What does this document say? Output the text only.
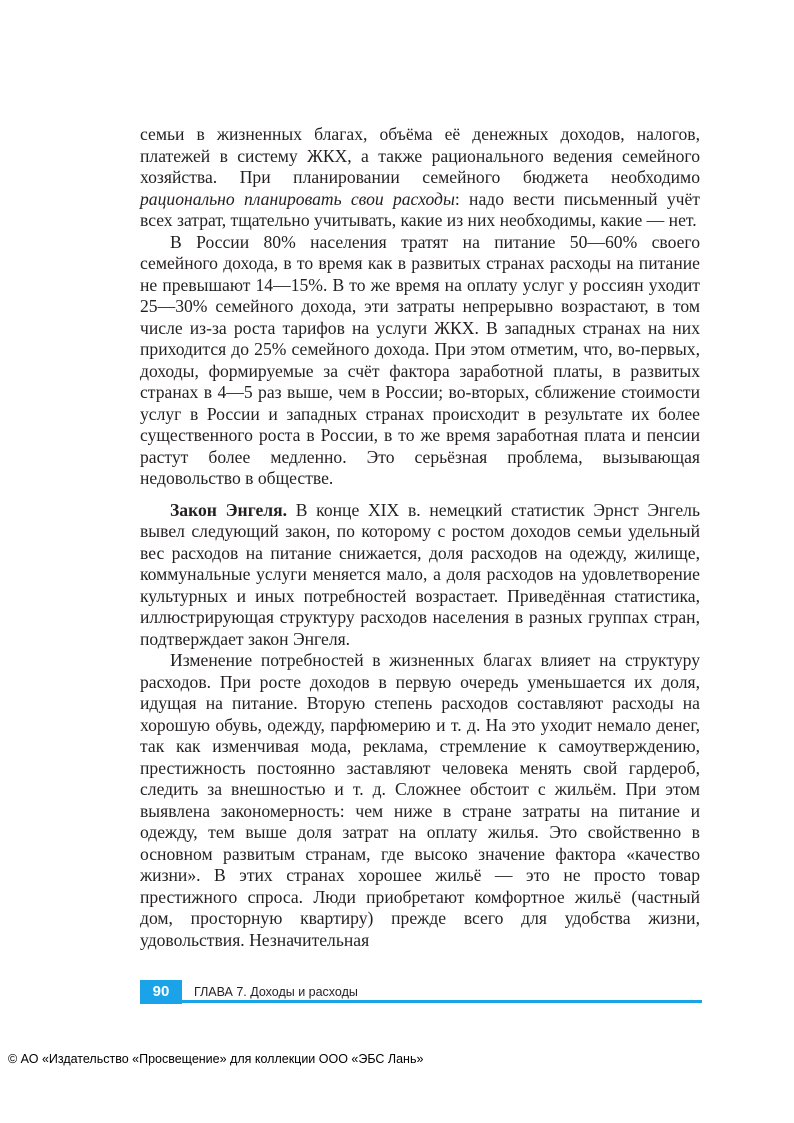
семьи в жизненных благах, объёма её денежных доходов, налогов, платежей в систему ЖКХ, а также рационального ведения семейного хозяйства. При планировании семейного бюджета необходимо рационально планировать свои расходы: надо вести письменный учёт всех затрат, тщательно учитывать, какие из них необходимы, какие — нет.

В России 80% населения тратят на питание 50—60% своего семейного дохода, в то время как в развитых странах расходы на питание не превышают 14—15%. В то же время на оплату услуг у россиян уходит 25—30% семейного дохода, эти затраты непрерывно возрастают, в том числе из-за роста тарифов на услуги ЖКХ. В западных странах на них приходится до 25% семейного дохода. При этом отметим, что, во-первых, доходы, формируемые за счёт фактора заработной платы, в развитых странах в 4—5 раз выше, чем в России; во-вторых, сближение стоимости услуг в России и западных странах происходит в результате их более существенного роста в России, в то же время заработная плата и пенсии растут более медленно. Это серьёзная проблема, вызывающая недовольство в обществе.

Закон Энгеля. В конце XIX в. немецкий статистик Эрнст Энгель вывел следующий закон, по которому с ростом доходов семьи удельный вес расходов на питание снижается, доля расходов на одежду, жилище, коммунальные услуги меняется мало, а доля расходов на удовлетворение культурных и иных потребностей возрастает. Приведённая статистика, иллюстрирующая структуру расходов населения в разных группах стран, подтверждает закон Энгеля.

Изменение потребностей в жизненных благах влияет на структуру расходов. При росте доходов в первую очередь уменьшается их доля, идущая на питание. Вторую степень расходов составляют расходы на хорошую обувь, одежду, парфюмерию и т. д. На это уходит немало денег, так как изменчивая мода, реклама, стремление к самоутверждению, престижность постоянно заставляют человека менять свой гардероб, следить за внешностью и т. д. Сложнее обстоит с жильём. При этом выявлена закономерность: чем ниже в стране затраты на питание и одежду, тем выше доля затрат на оплату жилья. Это свойственно в основном развитым странам, где высоко значение фактора «качество жизни». В этих странах хорошее жильё — это не просто товар престижного спроса. Люди приобретают комфортное жильё (частный дом, просторную квартиру) прежде всего для удобства жизни, удовольствия. Незначительная

90	ГЛАВА 7. Доходы и расходы
© АО «Издательство «Просвещение» для коллекции ООО «ЭБС Лань»
